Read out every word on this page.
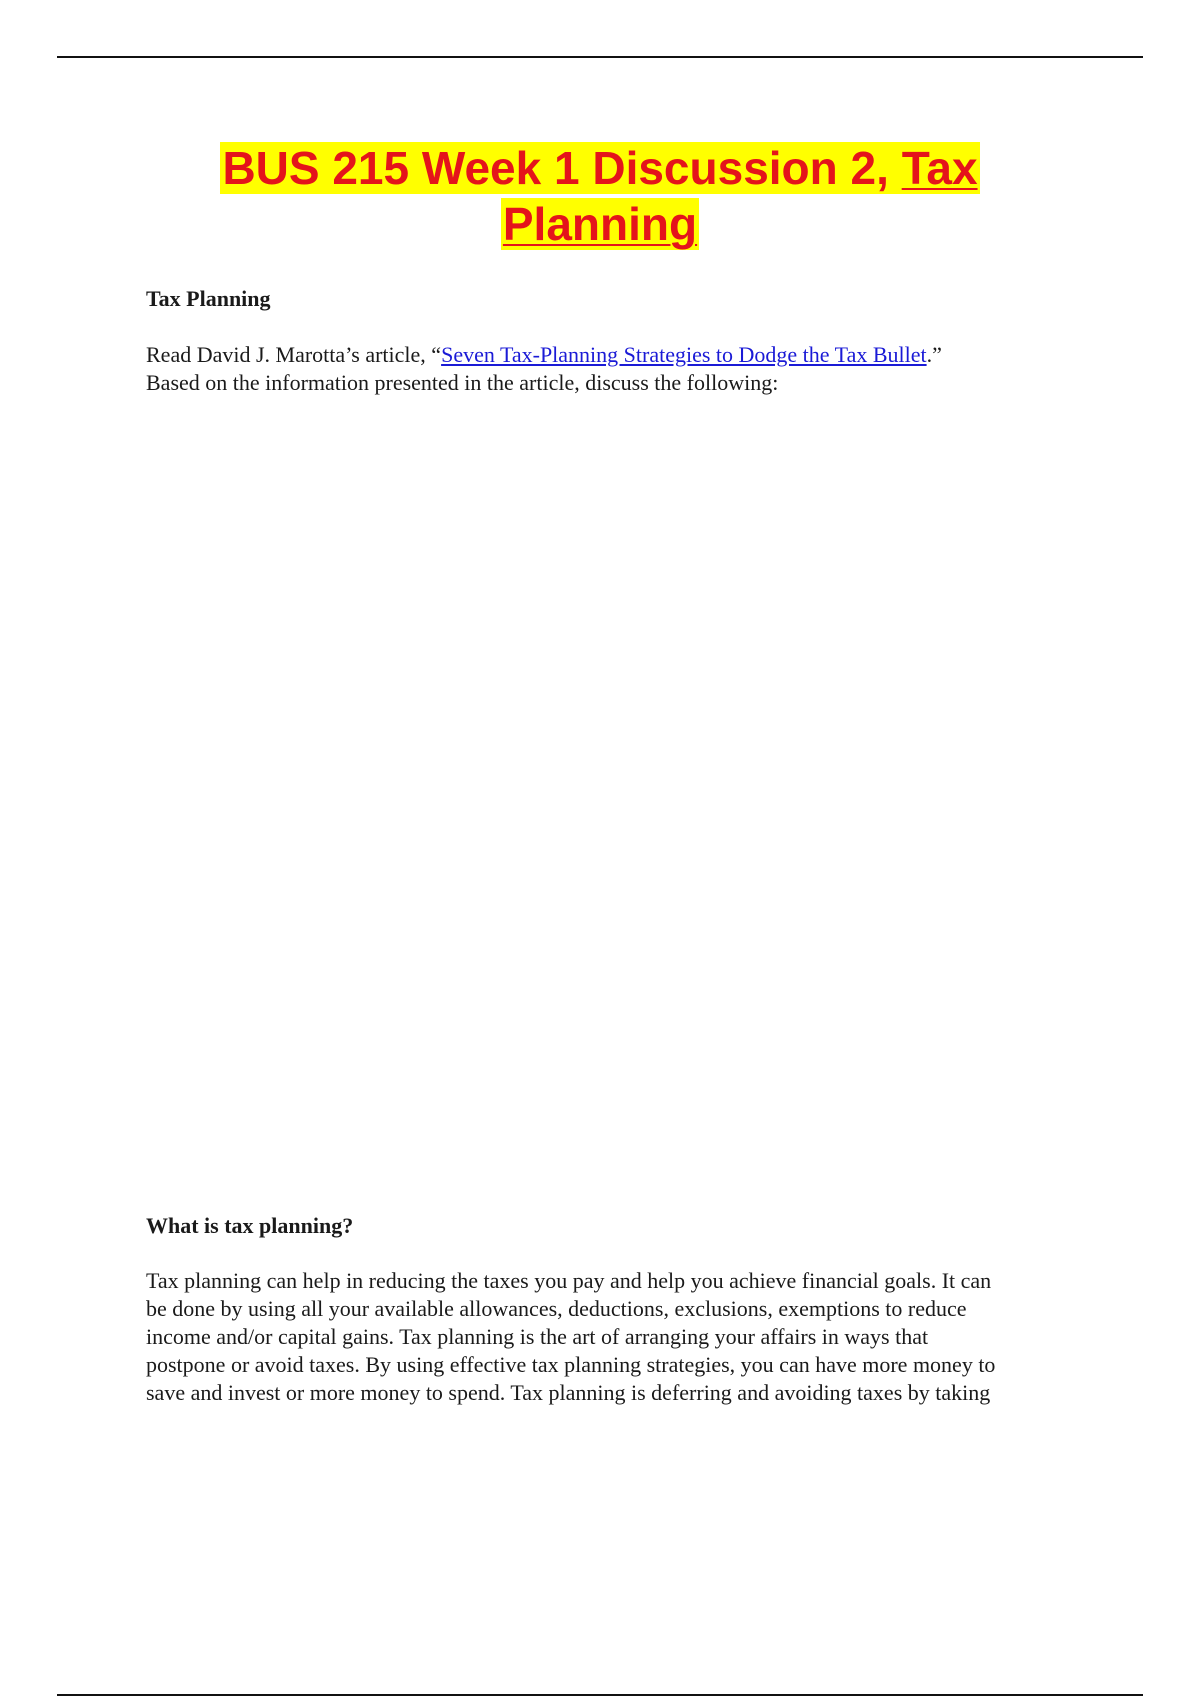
BUS 215 Week 1 Discussion 2, Tax
Planning
Tax Planning
Read David J. Marotta’s article, “Seven Tax-Planning Strategies to Dodge the Tax Bullet.”
Based on the information presented in the article, discuss the following:
What is tax planning?
Tax planning can help in reducing the taxes you pay and help you achieve financial goals. It can
be done by using all your available allowances, deductions, exclusions, exemptions to reduce
income and/or capital gains. Tax planning is the art of arranging your affairs in ways that
postpone or avoid taxes. By using effective tax planning strategies, you can have more money to
save and invest or more money to spend. Tax planning is deferring and avoiding taxes by taking
